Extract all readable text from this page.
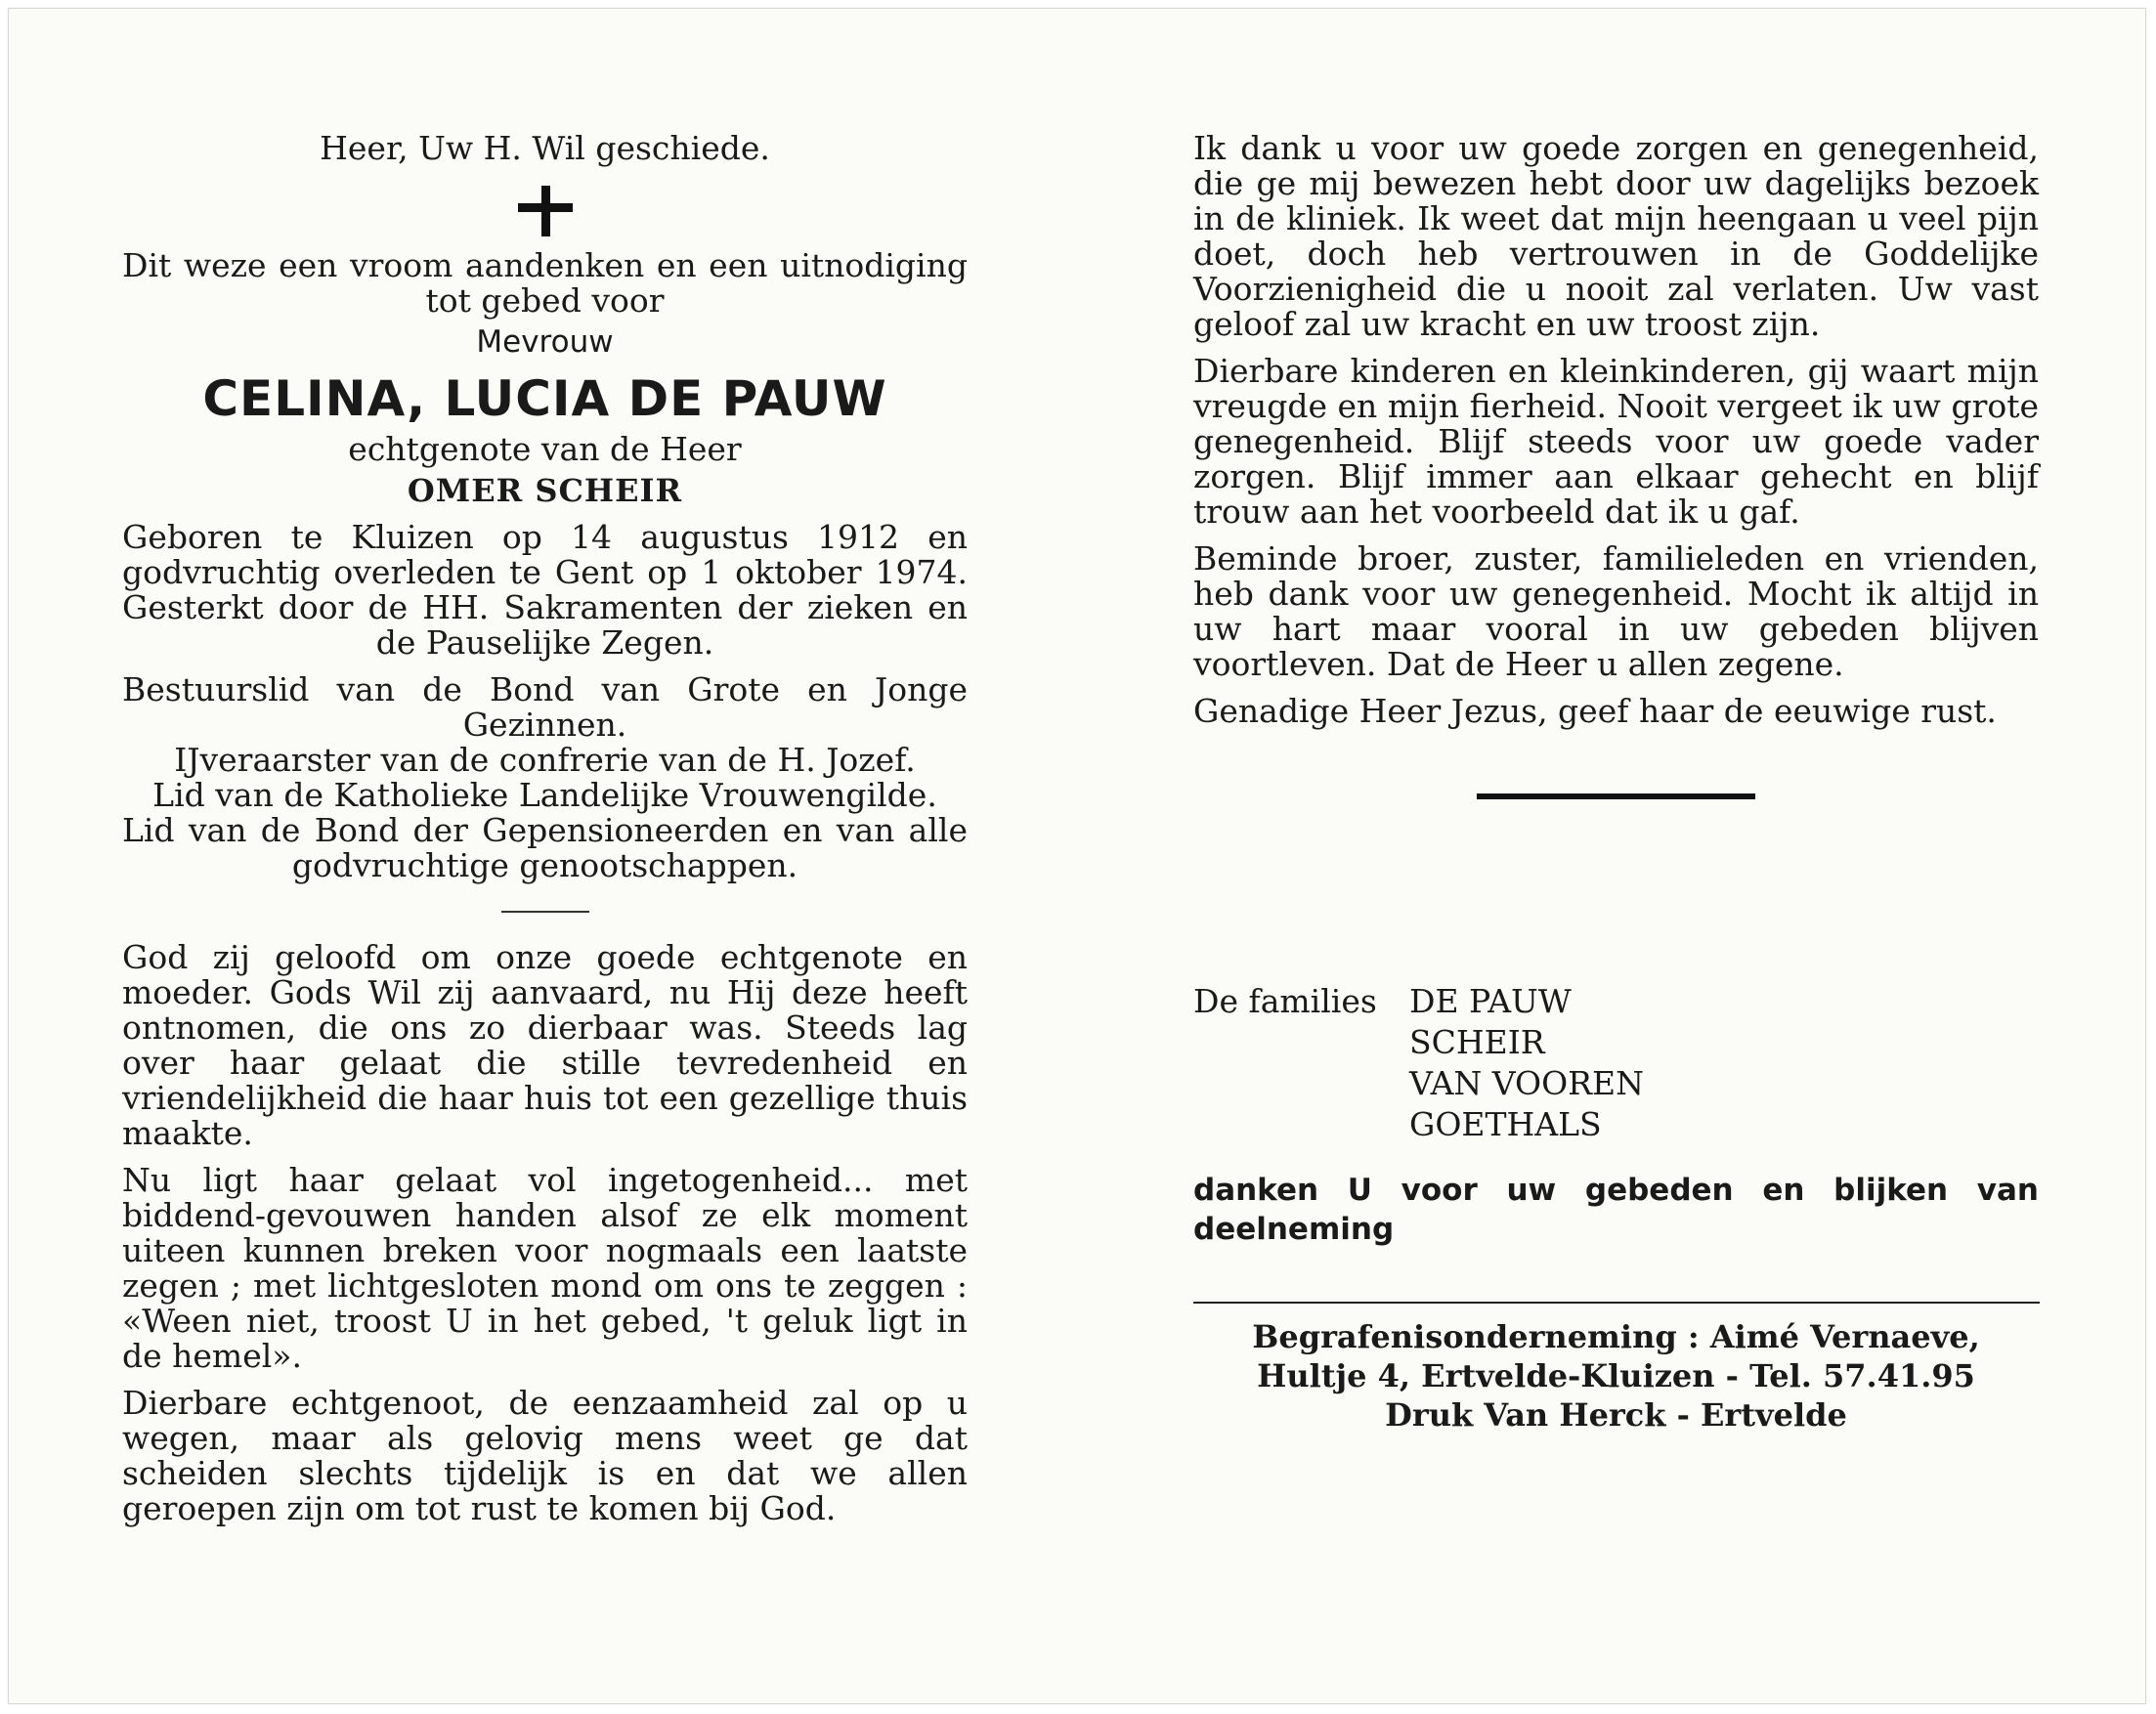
Heer, Uw H. Wil geschiede.

Dit weze een vroom aandenken en een uitnodiging tot gebed voor

Mevrouw

CELINA, LUCIA DE PAUW

echtgenote van de Heer

OMER SCHEIR

Geboren te Kluizen op 14 augustus 1912 en godvruchtig overleden te Gent op 1 oktober 1974. Gesterkt door de HH. Sakramenten der zieken en de Pauselijke Zegen.

Bestuurslid van de Bond van Grote en Jonge Gezinnen.

IJveraarster van de confrerie van de H. Jozef.

Lid van de Katholieke Landelijke Vrouwengilde.

Lid van de Bond der Gepensioneerden en van alle godvruchtige genootschappen.

God zij geloofd om onze goede echtgenote en moeder. Gods Wil zij aanvaard, nu Hij deze heeft ontnomen, die ons zo dierbaar was. Steeds lag over haar gelaat die stille tevredenheid en vriendelijkheid die haar huis tot een gezellige thuis maakte.

Nu ligt haar gelaat vol ingetogenheid... met biddend-gevouwen handen alsof ze elk moment uiteen kunnen breken voor nogmaals een laatste zegen ; met lichtgesloten mond om ons te zeggen : «Ween niet, troost U in het gebed, 't geluk ligt in de hemel».

Dierbare echtgenoot, de eenzaamheid zal op u wegen, maar als gelovig mens weet ge dat scheiden slechts tijdelijk is en dat we allen geroepen zijn om tot rust te komen bij God.

Ik dank u voor uw goede zorgen en genegenheid, die ge mij bewezen hebt door uw dagelijks bezoek in de kliniek. Ik weet dat mijn heengaan u veel pijn doet, doch heb vertrouwen in de Goddelijke Voorzienigheid die u nooit zal verlaten. Uw vast geloof zal uw kracht en uw troost zijn.

Dierbare kinderen en kleinkinderen, gij waart mijn vreugde en mijn fierheid. Nooit vergeet ik uw grote genegenheid. Blijf steeds voor uw goede vader zorgen. Blijf immer aan elkaar gehecht en blijf trouw aan het voorbeeld dat ik u gaf.

Beminde broer, zuster, familieleden en vrienden, heb dank voor uw genegenheid. Mocht ik altijd in uw hart maar vooral in uw gebeden blijven voortleven. Dat de Heer u allen zegene.

Genadige Heer Jezus, geef haar de eeuwige rust.

De families	DE PAUW
SCHEIR
VAN VOOREN
GOETHALS

danken U voor uw gebeden en blijken van deelneming

Begrafenisonderneming : Aimé Vernaeve,
Hultje 4, Ertvelde-Kluizen - Tel. 57.41.95
Druk Van Herck - Ertvelde
